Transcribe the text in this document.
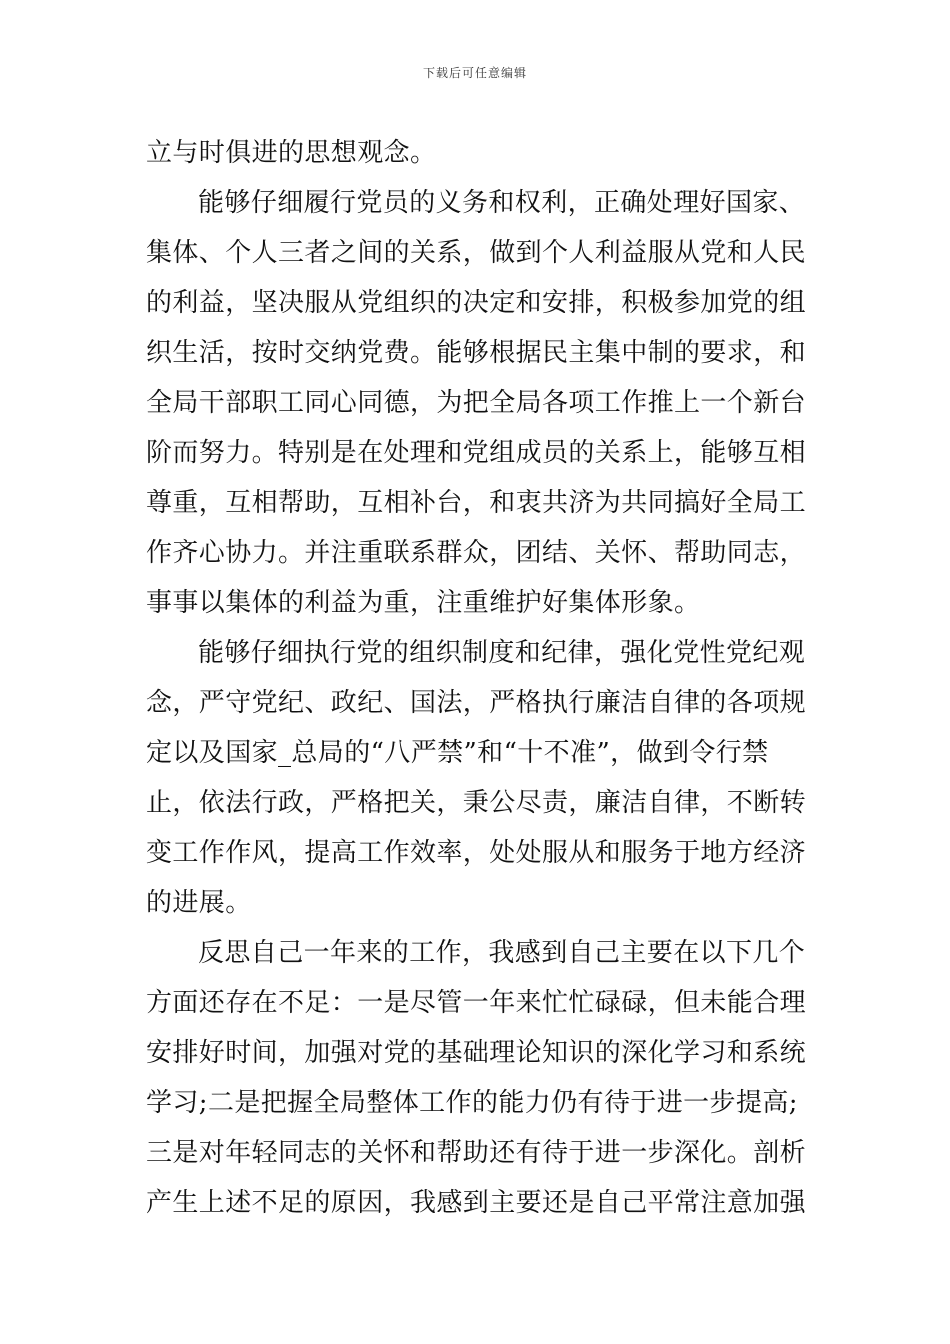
下载后可任意编辑
立与时俱进的思想观念。
能够仔细履行党员的义务和权利，正确处理好国家、
集体、个人三者之间的关系，做到个人利益服从党和人民
的利益，坚决服从党组织的决定和安排，积极参加党的组
织生活，按时交纳党费。能够根据民主集中制的要求，和
全局干部职工同心同德，为把全局各项工作推上一个新台
阶而努力。特别是在处理和党组成员的关系上，能够互相
尊重，互相帮助，互相补台，和衷共济为共同搞好全局工
作齐心协力。并注重联系群众，团结、关怀、帮助同志，
事事以集体的利益为重，注重维护好集体形象。
能够仔细执行党的组织制度和纪律，强化党性党纪观
念，严守党纪、政纪、国法，严格执行廉洁自律的各项规
定以及国家_总局的“八严禁”和“十不准”，做到令行禁
止，依法行政，严格把关，秉公尽责，廉洁自律，不断转
变工作作风，提高工作效率，处处服从和服务于地方经济
的进展。
反思自己一年来的工作，我感到自己主要在以下几个
方面还存在不足：一是尽管一年来忙忙碌碌，但未能合理
安排好时间，加强对党的基础理论知识的深化学习和系统
学习;二是把握全局整体工作的能力仍有待于进一步提高;
三是对年轻同志的关怀和帮助还有待于进一步深化。剖析
产生上述不足的原因，我感到主要还是自己平常注意加强
